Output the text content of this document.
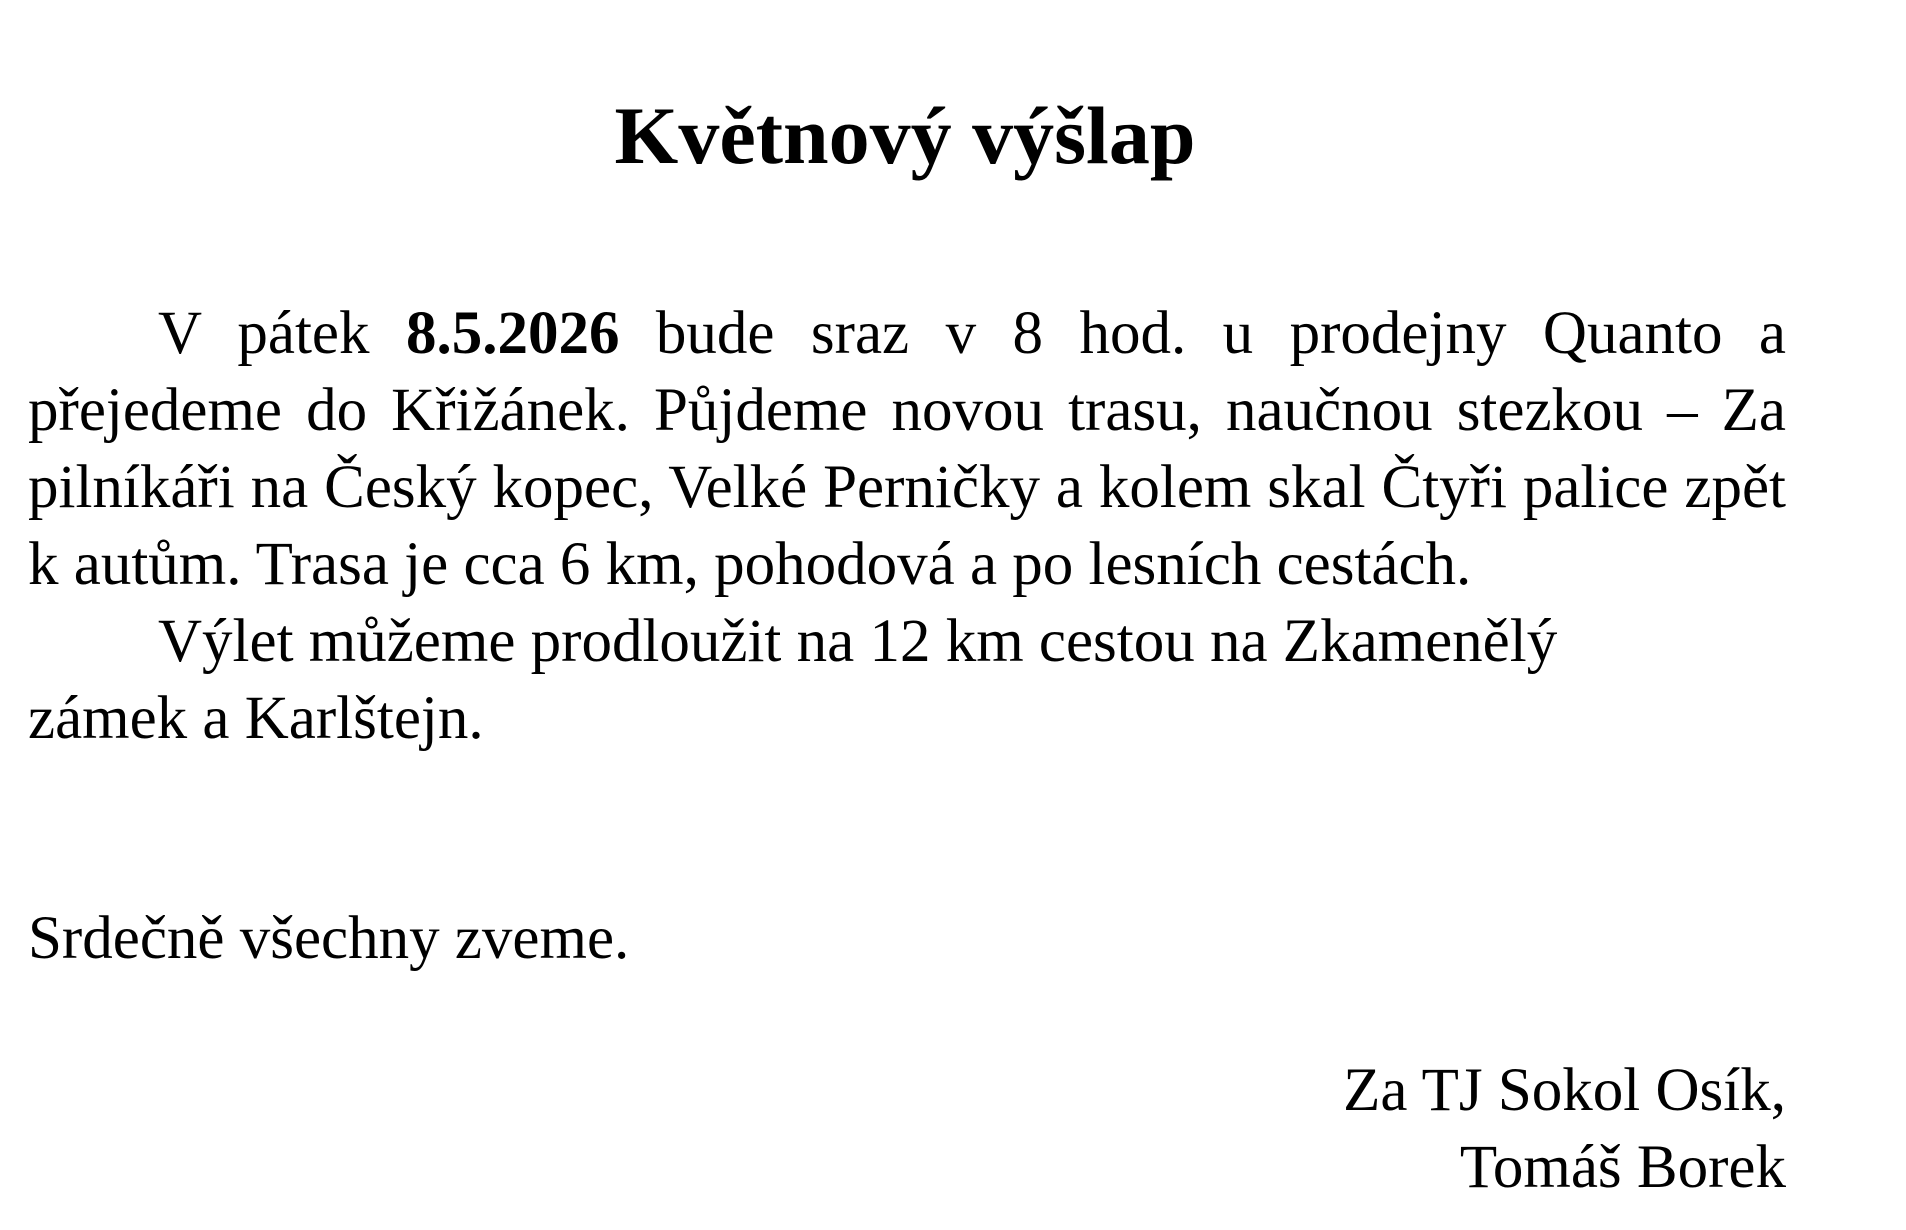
Květnový výšlap

V pátek 8.5.2026 bude sraz v 8 hod. u prodejny Quanto a přejedeme do Křižánek. Půjdeme novou trasu, naučnou stezkou – Za pilníkáři na Český kopec, Velké Perničky a kolem skal Čtyři palice zpět k autům. Trasa je cca 6 km, pohodová a po lesních cestách.

Výlet můžeme prodloužit na 12 km cestou na Zkamenělý zámek a Karlštejn.

Srdečně všechny zveme.
Za TJ Sokol Osík,
Tomáš Borek
